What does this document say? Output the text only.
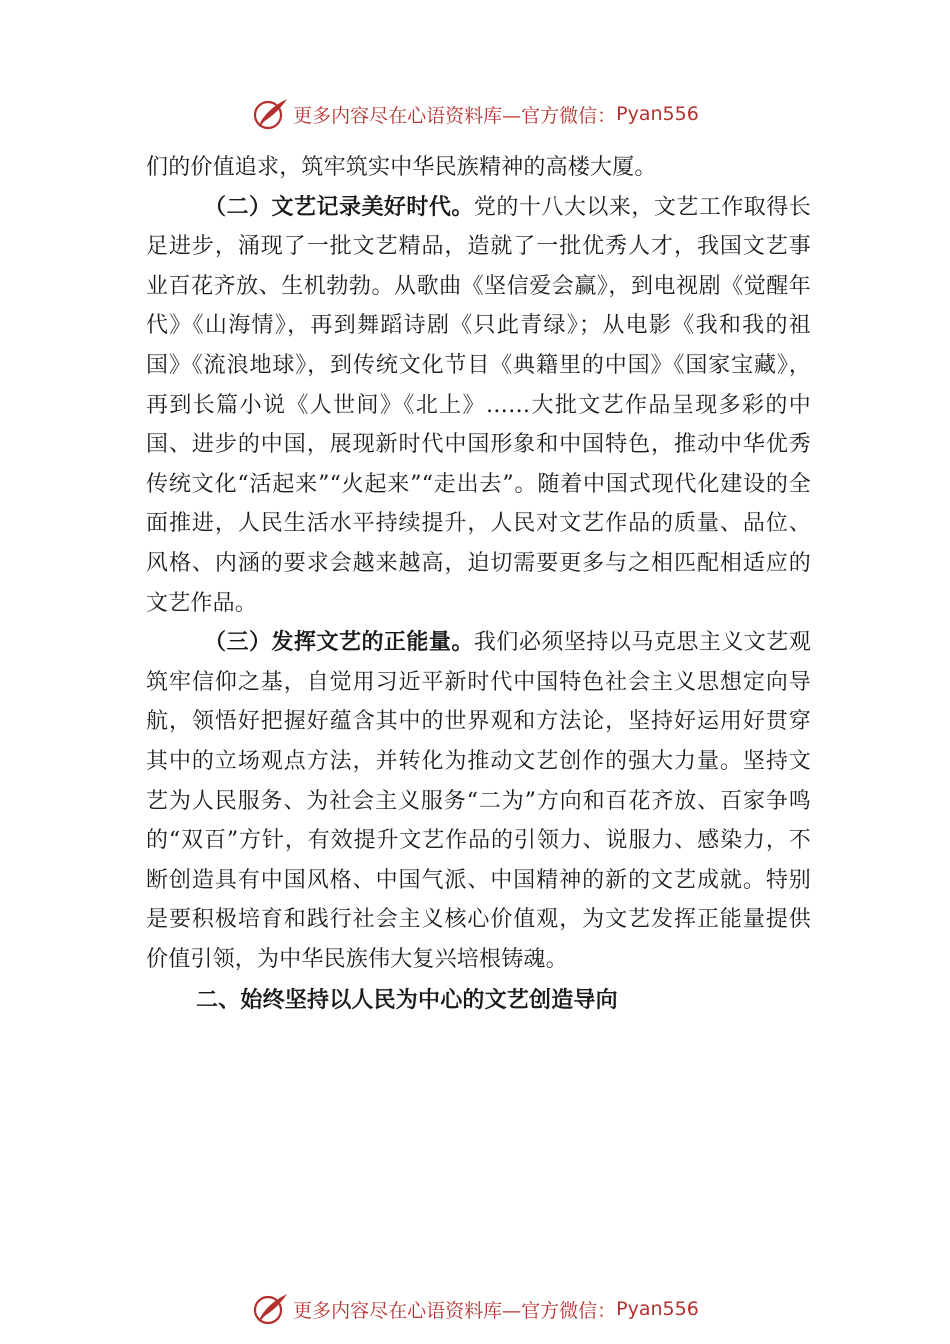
更多内容尽在心语资料库—官方微信： Pyan556

们的价值追求，筑牢筑实中华民族精神的高楼大厦。

（二）文艺记录美好时代。党的十八大以来，文艺工作取得长足进步，涌现了一批文艺精品，造就了一批优秀人才，我国文艺事业百花齐放、生机勃勃。从歌曲《坚信爱会赢》，到电视剧《觉醒年代》《山海情》，再到舞蹈诗剧《只此青绿》；从电影《我和我的祖国》《流浪地球》，到传统文化节目《典籍里的中国》《国家宝藏》，再到长篇小说《人世间》《北上》……大批文艺作品呈现多彩的中国、进步的中国，展现新时代中国形象和中国特色，推动中华优秀传统文化“活起来”“火起来”“走出去”。随着中国式现代化建设的全面推进，人民生活水平持续提升，人民对文艺作品的质量、品位、风格、内涵的要求会越来越高，迫切需要更多与之相匹配相适应的文艺作品。

（三）发挥文艺的正能量。我们必须坚持以马克思主义文艺观筑牢信仰之基，自觉用习近平新时代中国特色社会主义思想定向导航，领悟好把握好蕴含其中的世界观和方法论，坚持好运用好贯穿其中的立场观点方法，并转化为推动文艺创作的强大力量。坚持文艺为人民服务、为社会主义服务“二为”方向和百花齐放、百家争鸣的“双百”方针，有效提升文艺作品的引领力、说服力、感染力，不断创造具有中国风格、中国气派、中国精神的新的文艺成就。特别是要积极培育和践行社会主义核心价值观，为文艺发挥正能量提供价值引领，为中华民族伟大复兴培根铸魂。

二、始终坚持以人民为中心的文艺创造导向

更多内容尽在心语资料库—官方微信： Pyan556
